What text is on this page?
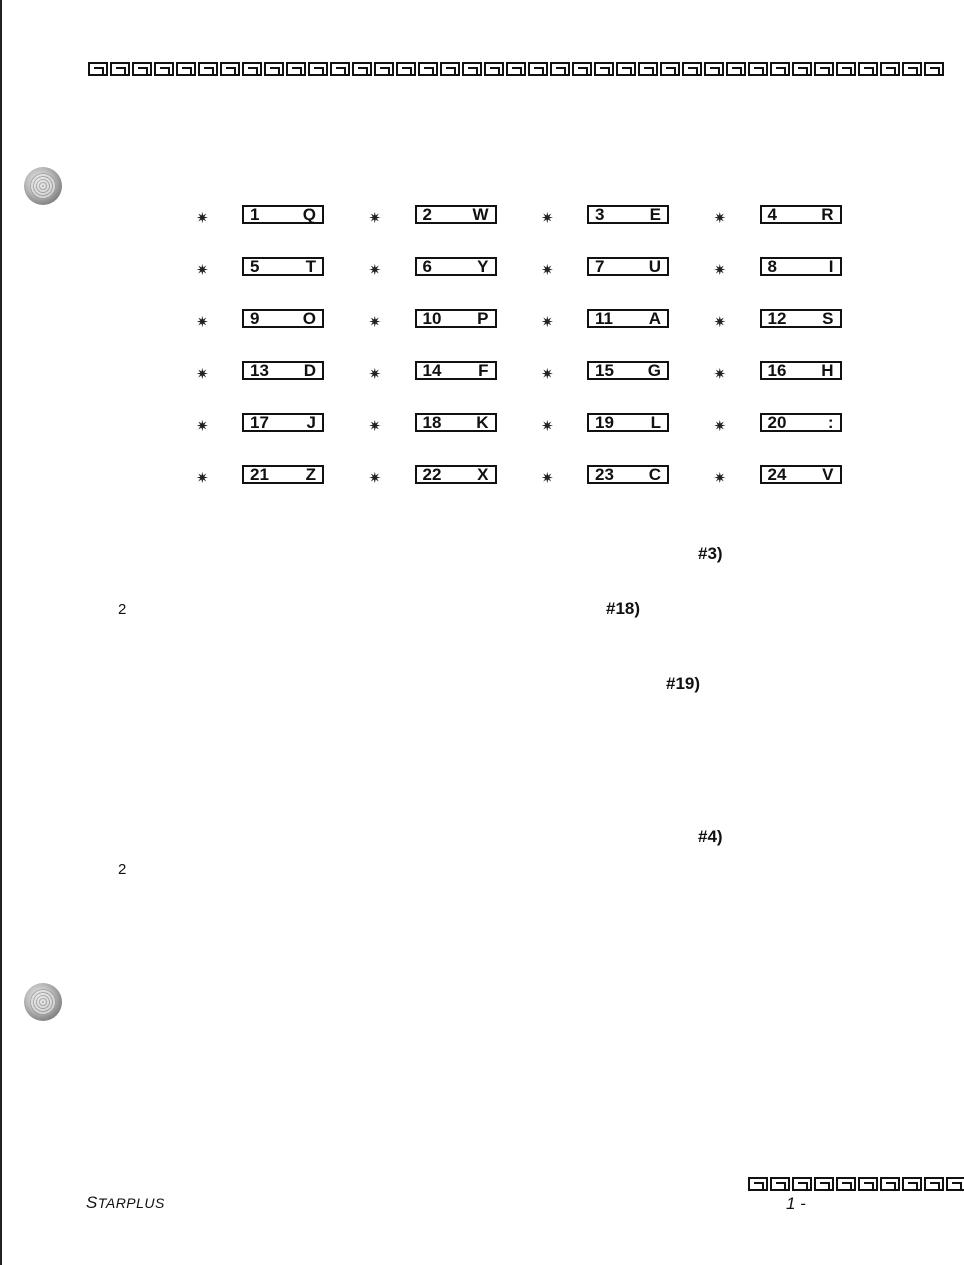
✷ 1	Q	✷ 2 W	✷ 3	E	✷ 4	R
✷ 5	T	✷ 6	Y	✷ 7	U	✷ 8	I
✷ 9	O	✷ 10 P	✷ 11 A	✷ 12 S
✷ 13 D	✷ 14 F	✷ 15 G	✷ 16 H
✷ 17 J	✷ 18 K	✷ 19 L	✷ 20 :
✷ 21 Z	✷ 22 X	✷ 23 C	✷ 24 V
#3)
2	#18)
#19)
#4)
2
STARPLUS	1 -
